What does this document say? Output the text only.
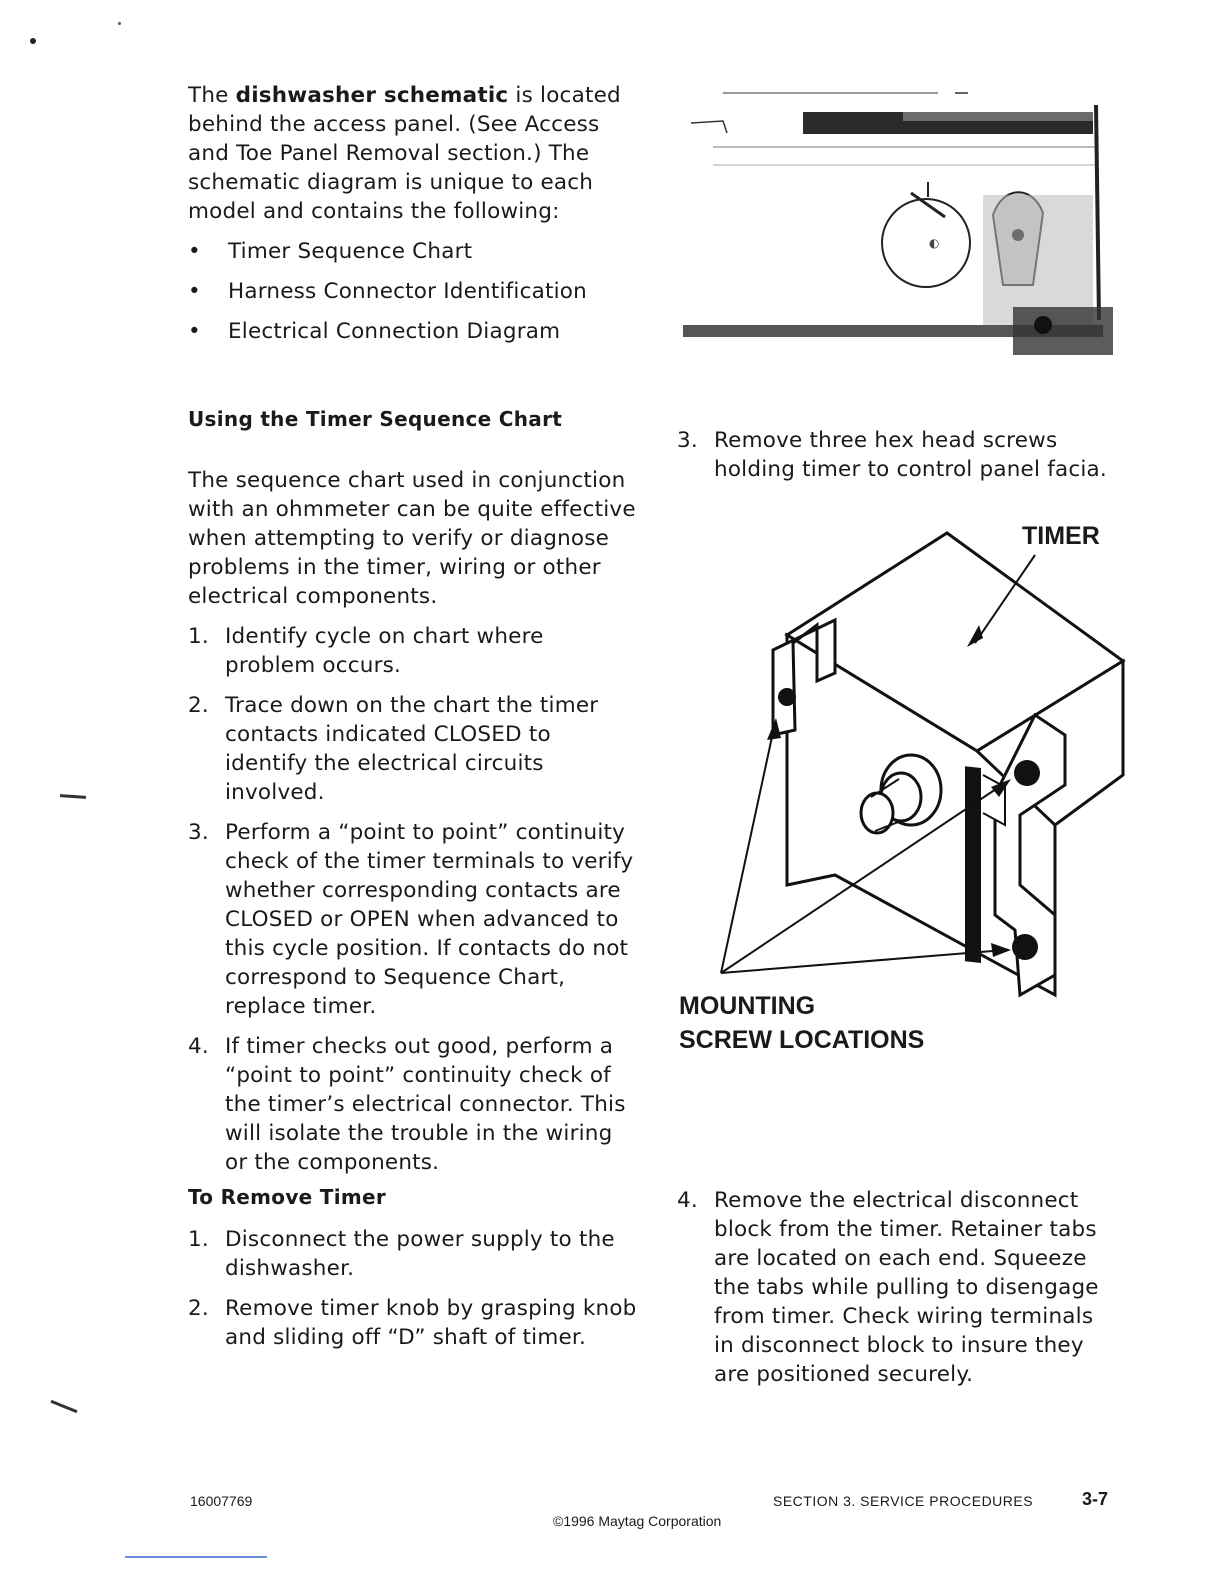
The dishwasher schematic is located behind the access panel. (See Access and Toe Panel Removal section.) The schematic diagram is unique to each model and contains the following:

• Timer Sequence Chart
• Harness Connector Identification
• Electrical Connection Diagram
Using the Timer Sequence Chart

The sequence chart used in conjunction with an ohmmeter can be quite effective when attempting to verify or diagnose problems in the timer, wiring or other electrical components.

1. Identify cycle on chart where problem occurs.
2. Trace down on the chart the timer contacts indicated CLOSED to identify the electrical circuits involved.
3. Perform a “point to point” continuity check of the timer terminals to verify whether corresponding contacts are CLOSED or OPEN when advanced to this cycle position. If contacts do not correspond to Sequence Chart, replace timer.
4. If timer checks out good, perform a “point to point” continuity check of the timer’s electrical connector. This will isolate the trouble in the wiring or the components.
To Remove Timer
1. Disconnect the power supply to the dishwasher.
2. Remove timer knob by grasping knob and sliding off “D” shaft of timer.
◐
3. Remove three hex head screws holding timer to control panel facia.
TIMER
MOUNTING
SCREW LOCATIONS
4. Remove the electrical disconnect block from the timer. Retainer tabs are located on each end. Squeeze the tabs while pulling to disengage from timer. Check wiring terminals in disconnect block to insure they are positioned securely.
16007769	SECTION 3. SERVICE PROCEDURES	3-7
©1996 Maytag Corporation
